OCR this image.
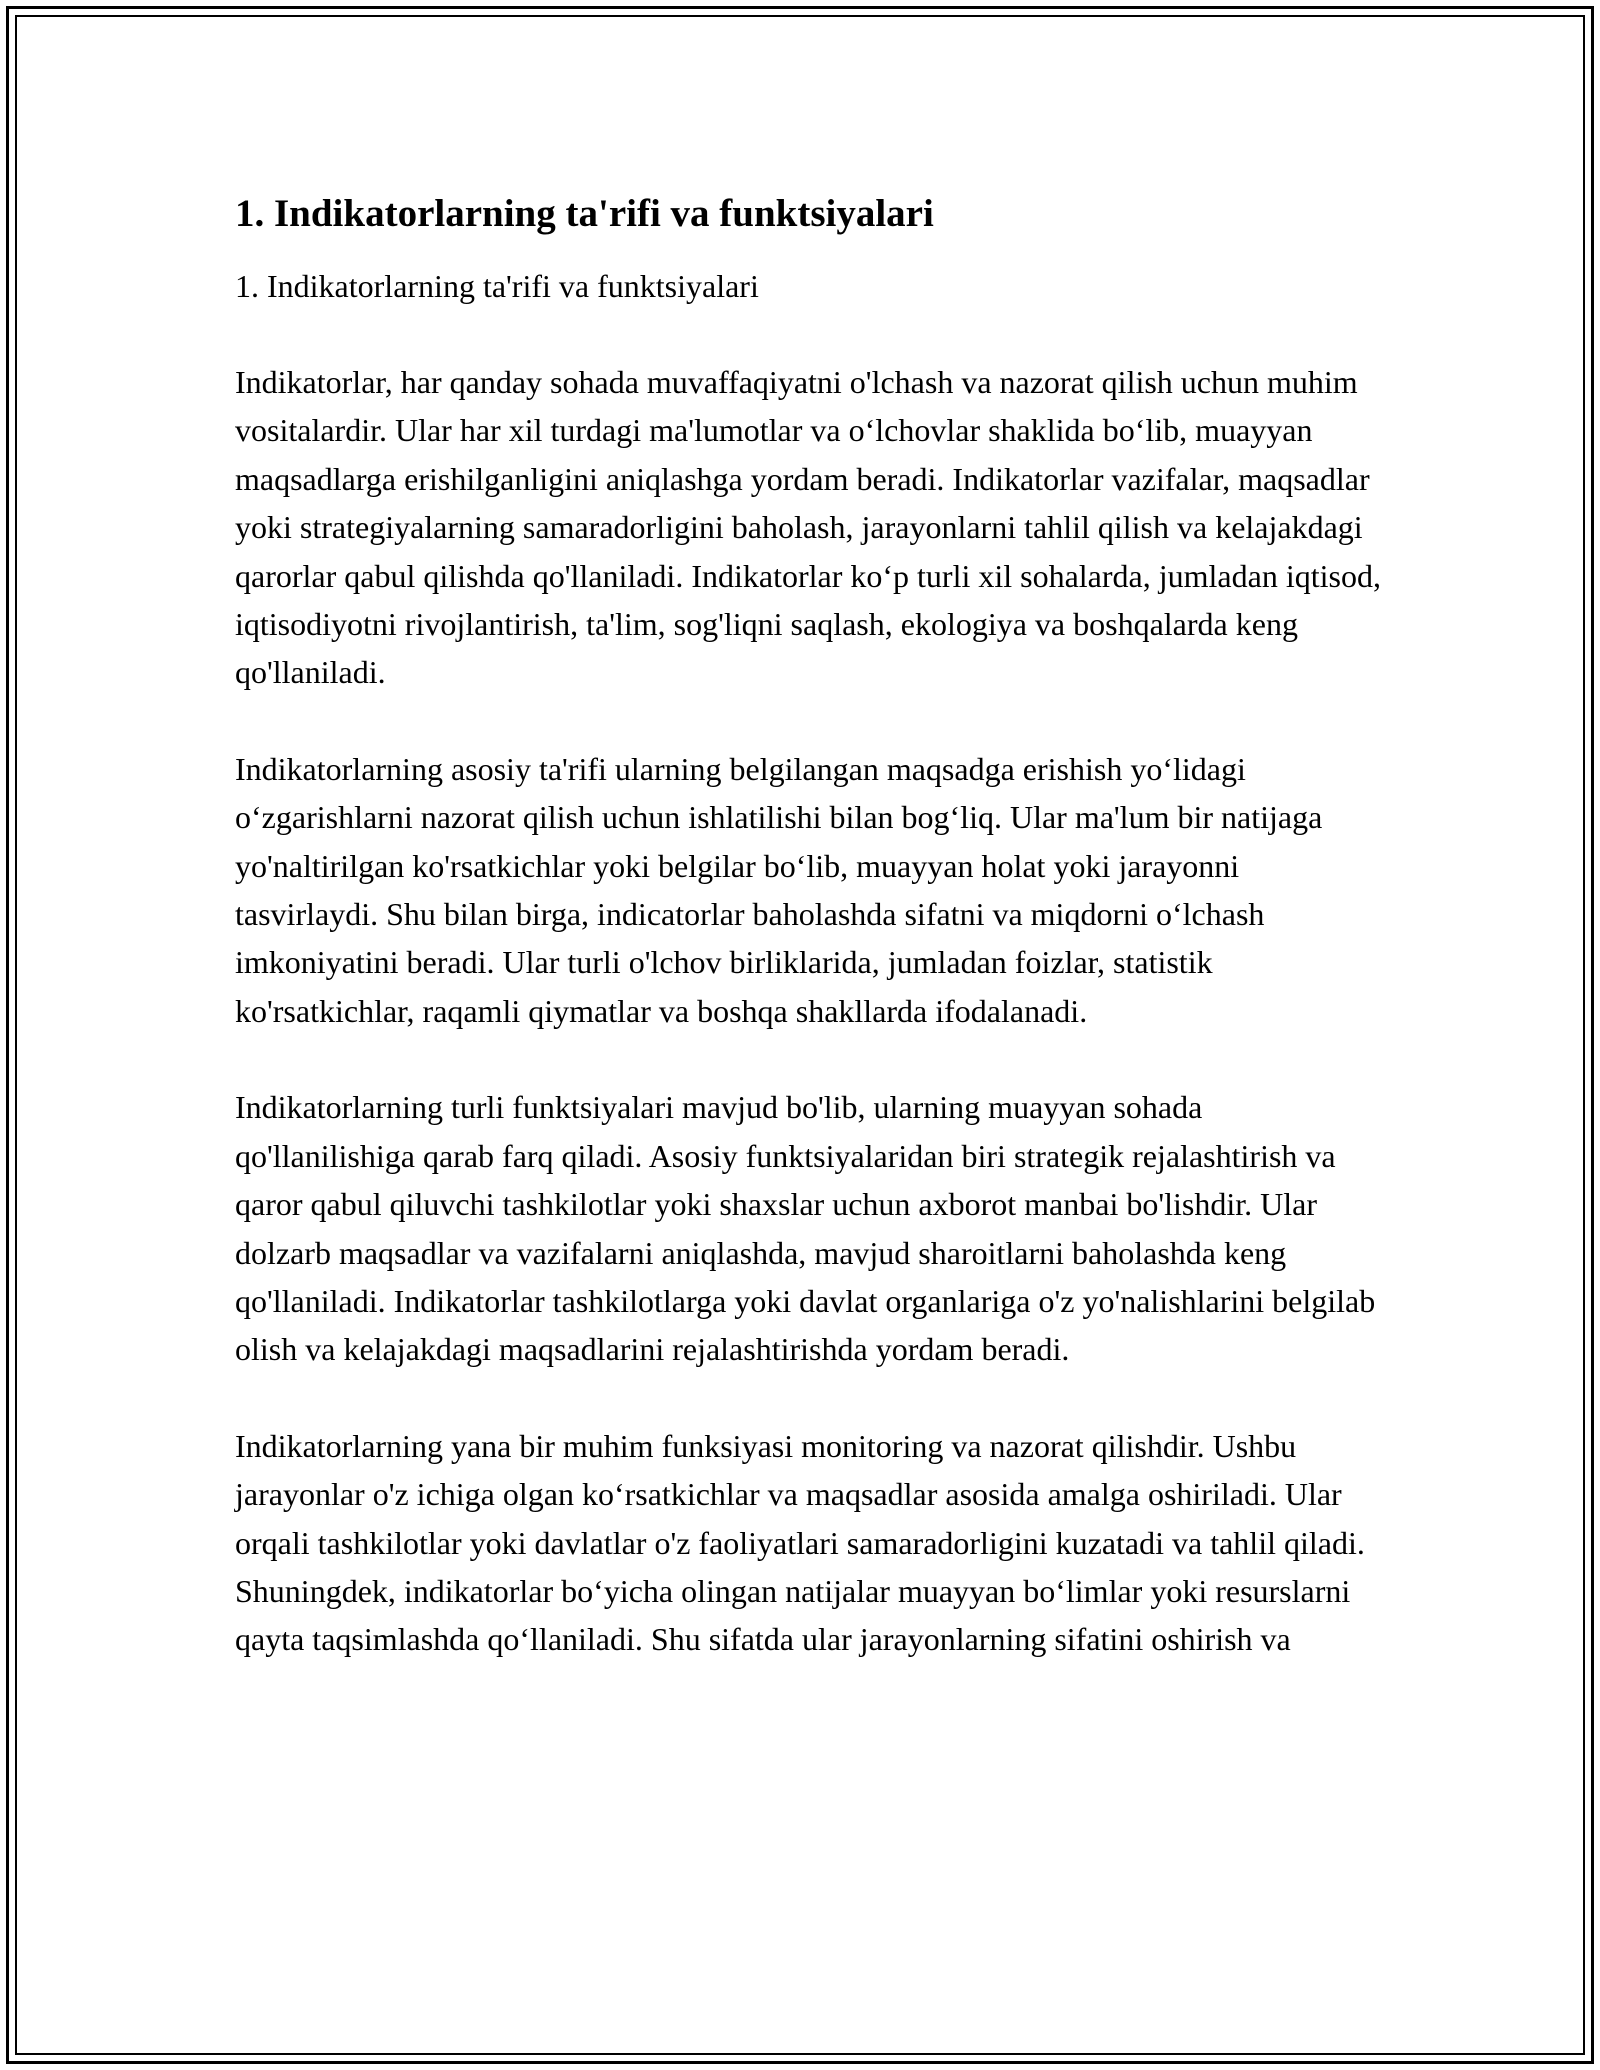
1. Indikatorlarning ta'rifi va funktsiyalari

1. Indikatorlarning ta'rifi va funktsiyalari

Indikatorlar, har qanday sohada muvaffaqiyatni o'lchash va nazorat qilish uchun muhim vositalardir. Ular har xil turdagi ma'lumotlar va o‘lchovlar shaklida bo‘lib, muayyan maqsadlarga erishilganligini aniqlashga yordam beradi. Indikatorlar vazifalar, maqsadlar yoki strategiyalarning samaradorligini baholash, jarayonlarni tahlil qilish va kelajakdagi qarorlar qabul qilishda qo'llaniladi. Indikatorlar ko‘p turli xil sohalarda, jumladan iqtisod, iqtisodiyotni rivojlantirish, ta'lim, sog'liqni saqlash, ekologiya va boshqalarda keng qo'llaniladi.

Indikatorlarning asosiy ta'rifi ularning belgilangan maqsadga erishish yo‘lidagi o‘zgarishlarni nazorat qilish uchun ishlatilishi bilan bog‘liq. Ular ma'lum bir natijaga yo'naltirilgan ko'rsatkichlar yoki belgilar bo‘lib, muayyan holat yoki jarayonni tasvirlaydi. Shu bilan birga, indicatorlar baholashda sifatni va miqdorni o‘lchash imkoniyatini beradi. Ular turli o'lchov birliklarida, jumladan foizlar, statistik ko'rsatkichlar, raqamli qiymatlar va boshqa shakllarda ifodalanadi.

Indikatorlarning turli funktsiyalari mavjud bo'lib, ularning muayyan sohada qo'llanilishiga qarab farq qiladi. Asosiy funktsiyalaridan biri strategik rejalashtirish va qaror qabul qiluvchi tashkilotlar yoki shaxslar uchun axborot manbai bo'lishdir. Ular dolzarb maqsadlar va vazifalarni aniqlashda, mavjud sharoitlarni baholashda keng qo'llaniladi. Indikatorlar tashkilotlarga yoki davlat organlariga o'z yo'nalishlarini belgilab olish va kelajakdagi maqsadlarini rejalashtirishda yordam beradi.

Indikatorlarning yana bir muhim funksiyasi monitoring va nazorat qilishdir. Ushbu jarayonlar o'z ichiga olgan ko‘rsatkichlar va maqsadlar asosida amalga oshiriladi. Ular orqali tashkilotlar yoki davlatlar o'z faoliyatlari samaradorligini kuzatadi va tahlil qiladi. Shuningdek, indikatorlar bo‘yicha olingan natijalar muayyan bo‘limlar yoki resurslarni qayta taqsimlashda qo‘llaniladi. Shu sifatda ular jarayonlarning sifatini oshirish va
